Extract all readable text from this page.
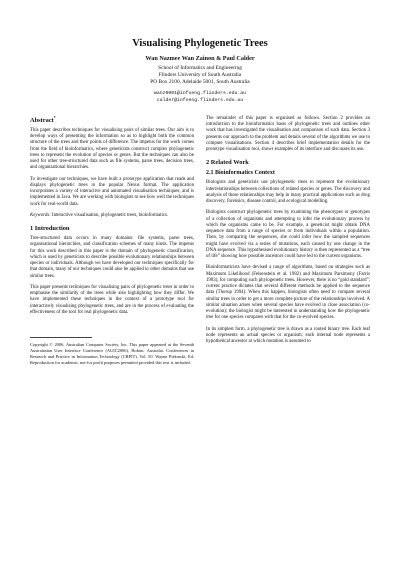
Visualising Phylogenetic Trees
Wan Nazmee Wan Zainon & Paul Calder
School of Informatics and Engineering
Flinders University of South Australia
PO Box 2100, Adelaide 5001, South Australia
wanz0001@infoeng.flinders.edu.au
calder@infoeng.flinders.edu.au
Abstract*

This paper describes techniques for visualising pairs of similar trees. Our aim is to develop ways of presenting the information so as to highlight both the common structure of the trees and their points of difference. The impetus for the work comes from the field of bioinformatics, where geneticists construct complex phylogenetic trees to represent the evolution of species or genes. But the techniques can also be used for other tree-structured data such as file systems, parse trees, decision trees, and organisational hierarchies.

To investigate our techniques, we have built a prototype application that reads and displays phylogenetic trees in the popular Nexus format. The application incorporates a variety of interactive and automated visualisation techniques, and is implemented in Java. We are working with biologists to see how well the techniques work for real-world data.

Keywords: Interactive visualisation, phylogenetic trees, bioinformatics.

1 Introduction

Tree-structured data occurs in many domains: file systems, parse trees, organisational hierarchies, and classification schemes of many kinds. The impetus for this work described in this paper is the domain of phylogenetic classification, which is used by geneticists to describe possible evolutionary relationships between species or individuals. Although we have developed our techniques specifically for that domain, many of our techniques could also be applied to other domains that use similar trees.

This paper presents techniques for visualising pairs of phylogenetic trees in order to emphasise the similarity of the trees while also highlighting how they differ. We have implemented these techniques in the context of a prototype tool for interactively visualising phylogenetic trees, and are in the process of evaluating the effectiveness of the tool for real phylogenetic data.

Copyright © 2006, Australian Computer Society, Inc. This paper appeared at the Seventh Australasian User Interface Conference (AUIC2006), Hobart, Australia. Conferences in Research and Practice in Information Technology (CRPIT), Vol. 50. Wayne Piekarski, Ed. Reproduction for academic, not-for profit purposes permitted provided this text is included.

The remainder of this paper is organised as follows. Section 2 provides an introduction to the bioinformatics basis of phylogenetic trees and outlines other work that has investigated the visualisation and comparison of such data. Section 3 presents our approach to the problem and details several of the algorithms we use to compute visualisations. Section 4 describes brief implementation details for the prototype visualisation tool, shows examples of its interface and discusses its use.

2 Related Work
2.1 Bioinformatics Context

Biologists and geneticists use phylogenetic trees to represent the evolutionary interrelationships between collections of related species or genes. The discovery and analysis of those relationships may help in many practical applications such as drug discovery, forensics, disease control, and ecological modelling.

Biologists construct phylogenetic trees by examining the phenotypes or genotypes of a collection of organisms and attempting to infer the evolutionary process by which the organisms came to be. For example, a geneticist might obtain DNA sequence data from a range of species or from individuals within a population. Then, by comparing the sequences, she could infer how the sampled sequences might have evolved via a series of mutations, each caused by one change in the DNA sequence. This hypothesised evolutionary history is then represented as a “tree of life” showing how possible ancestors could have led to the current organisms.

Bioinformaticists have devised a range of algorithms, based on strategies such as Maximum Likelihood (Felsenstein et al. 1982) and Maximum Parsimony (Farris 1983), for computing such phylogenetic trees. However, there is no “gold standard”; current practice dictates that several different methods be applied to the sequence data (Thorup 1994). When this happen, biologists often need to compare several similar trees in order to get a more complete picture of the relationships involved. A similar situation arises when several species have evolved in close association (co-evolution); the biologist might be interested in understanding how the phylogenetic tree for one species compares with that for the co-evolved species.

In its simplest form, a phylogenetic tree is drawn as a rooted binary tree. Each leaf node represents an actual species or organism; each internal node represents a hypothetical ancestor at which mutation is assumed to
